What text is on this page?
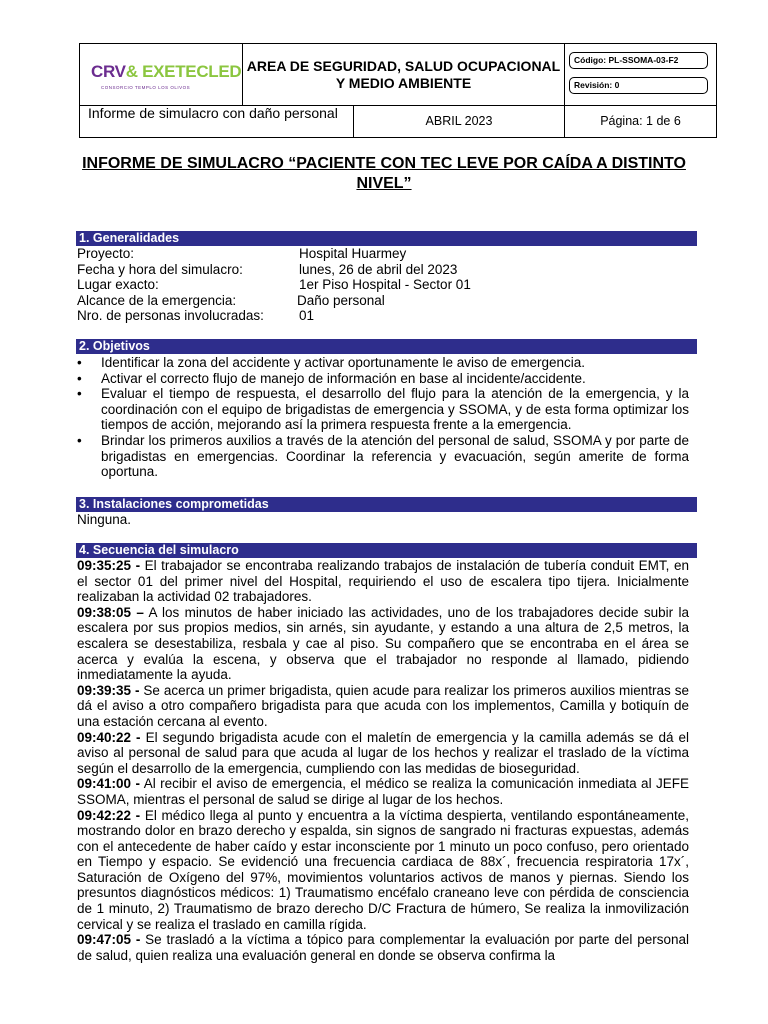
CRV& EXETECLED
CONSORCIO TEMPLO LOS OLIVOS
AREA DE SEGURIDAD, SALUD OCUPACIONAL Y MEDIO AMBIENTE
Código: PL-SSOMA-03-F2
Revisión: 0
Informe de simulacro con daño personal	ABRIL 2023	Página: 1 de 6
INFORME DE SIMULACRO “PACIENTE CON TEC LEVE POR CAÍDA A DISTINTO NIVEL”
1. Generalidades
Proyecto:	Hospital Huarmey
Fecha y hora del simulacro:	lunes, 26 de abril del 2023
Lugar exacto:	1er Piso Hospital - Sector 01
Alcance de la emergencia:	Daño personal
Nro. de personas involucradas:	01
2. Objetivos
• Identificar la zona del accidente y activar oportunamente le aviso de emergencia.
• Activar el correcto flujo de manejo de información en base al incidente/accidente.
• Evaluar el tiempo de respuesta, el desarrollo del flujo para la atención de la emergencia, y la coordinación con el equipo de brigadistas de emergencia y SSOMA, y de esta forma optimizar los tiempos de acción, mejorando así la primera respuesta frente a la emergencia.
• Brindar los primeros auxilios a través de la atención del personal de salud, SSOMA y por parte de brigadistas en emergencias. Coordinar la referencia y evacuación, según amerite de forma oportuna.
3. Instalaciones comprometidas
Ninguna.
4. Secuencia del simulacro
09:35:25 - El trabajador se encontraba realizando trabajos de instalación de tubería conduit EMT, en el sector 01 del primer nivel del Hospital, requiriendo el uso de escalera tipo tijera. Inicialmente realizaban la actividad 02 trabajadores.
09:38:05 – A los minutos de haber iniciado las actividades, uno de los trabajadores decide subir la escalera por sus propios medios, sin arnés, sin ayudante, y estando a una altura de 2,5 metros, la escalera se desestabiliza, resbala y cae al piso. Su compañero que se encontraba en el área se acerca y evalúa la escena, y observa que el trabajador no responde al llamado, pidiendo inmediatamente la ayuda.
09:39:35 - Se acerca un primer brigadista, quien acude para realizar los primeros auxilios mientras se dá el aviso a otro compañero brigadista para que acuda con los implementos, Camilla y botiquín de una estación cercana al evento.
09:40:22 - El segundo brigadista acude con el maletín de emergencia y la camilla además se dá el aviso al personal de salud para que acuda al lugar de los hechos y realizar el traslado de la víctima según el desarrollo de la emergencia, cumpliendo con las medidas de bioseguridad.
09:41:00 - Al recibir el aviso de emergencia, el médico se realiza la comunicación inmediata al JEFE SSOMA, mientras el personal de salud se dirige al lugar de los hechos.
09:42:22 - El médico llega al punto y encuentra a la víctima despierta, ventilando espontáneamente, mostrando dolor en brazo derecho y espalda, sin signos de sangrado ni fracturas expuestas, además con el antecedente de haber caído y estar inconsciente por 1 minuto un poco confuso, pero orientado en Tiempo y espacio. Se evidenció una frecuencia cardiaca de 88x´, frecuencia respiratoria 17x´, Saturación de Oxígeno del 97%, movimientos voluntarios activos de manos y piernas. Siendo los presuntos diagnósticos médicos: 1) Traumatismo encéfalo craneano leve con pérdida de consciencia de 1 minuto, 2) Traumatismo de brazo derecho D/C Fractura de húmero, Se realiza la inmovilización cervical y se realiza el traslado en camilla rígida.
09:47:05 - Se trasladó a la víctima a tópico para complementar la evaluación por parte del personal de salud, quien realiza una evaluación general en donde se observa confirma la
